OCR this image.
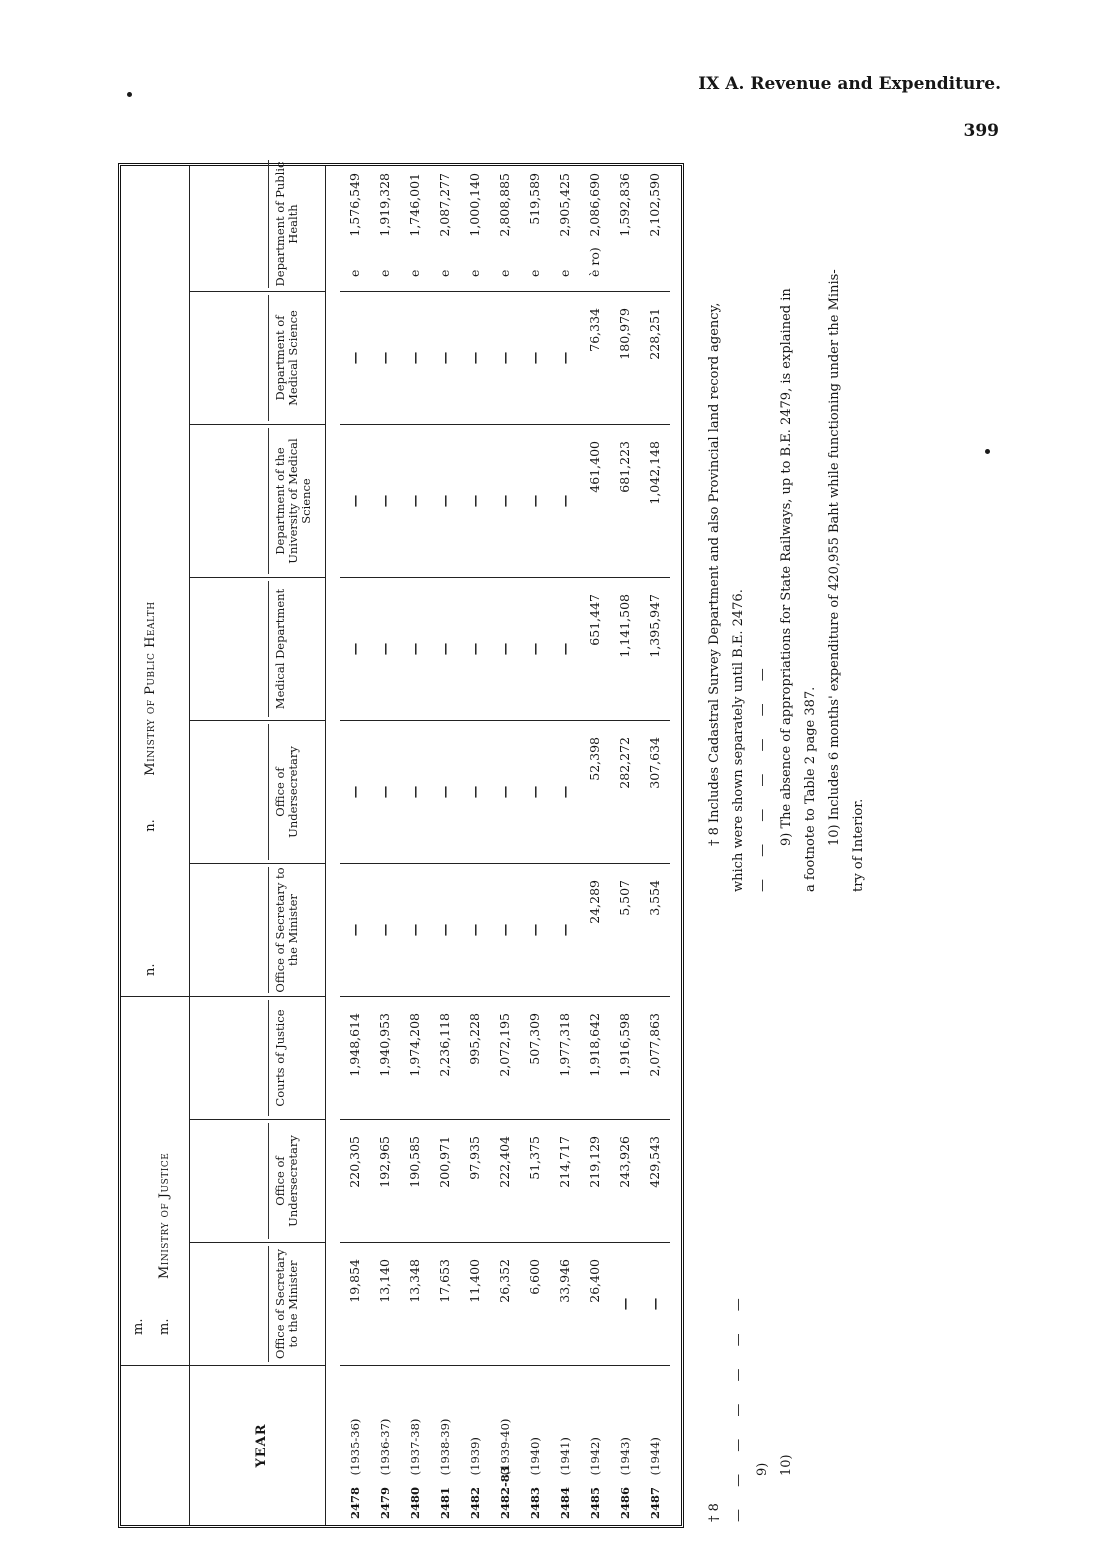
IX A. Revenue and Expenditure.
399
m. m.Ministry of Justice
n.  n.Ministry of Public Health
YEAR
Office of Secretary to the Minister
Office of Undersecretary
Courts of Justice
Office of Secretary to the Minister
Office of Undersecretary
Medical Department
Department of the University of Medical Science
Department of Medical Science
Department of Public Health
2478 (1935-36)
19,854
220,305
1,948,614
—
—
—
—
—
e
1,576,549
2479 (1936-37)
13,140
192,965
1,940,953
—
—
—
—
—
e
1,919,328
2480 (1937-38)
13,348
190,585
1,974,208
—
—
—
—
—
e
1,746,001
2481 (1938-39)
17,653
200,971
2,236,118
—
—
—
—
—
e
2,087,277
2482 (1939)
11,400
97,935
995,228
—
—
—
—
—
e
1,000,140
2482-83 (1939-40)
26,352
222,404
2,072,195
—
—
—
—
—
e
2,808,885
2483 (1940)
6,600
51,375
507,309
—
—
—
—
—
e
519,589
2484 (1941)
33,946
214,717
1,977,318
—
—
—
—
—
e
2,905,425
2485 (1942)
26,400
219,129
1,918,642
24,289
52,398
651,447
461,400
76,334
è ro)
2,086,690
2486 (1943)
—
243,926
1,916,598
5,507
282,272
1,141,508
681,223
180,979
1,592,836
2487 (1944)
—
429,543
2,077,863
3,554
307,634
1,395,947
1,042,148
228,251
2,102,590

† 8 — — — — — — — 9) 10)

† 8 Includes Cadastral Survey Department and also Provincial land record agency, which were shown separately until B.E. 2476. — — — — — — — 9) The absence of appropriations for State Railways, up to B.E. 2479, is explained in a footnote to Table 2 page 387. 10) Includes 6 months' expenditure of 420,955 Baht while functioning under the Minis-

try of Interior.
